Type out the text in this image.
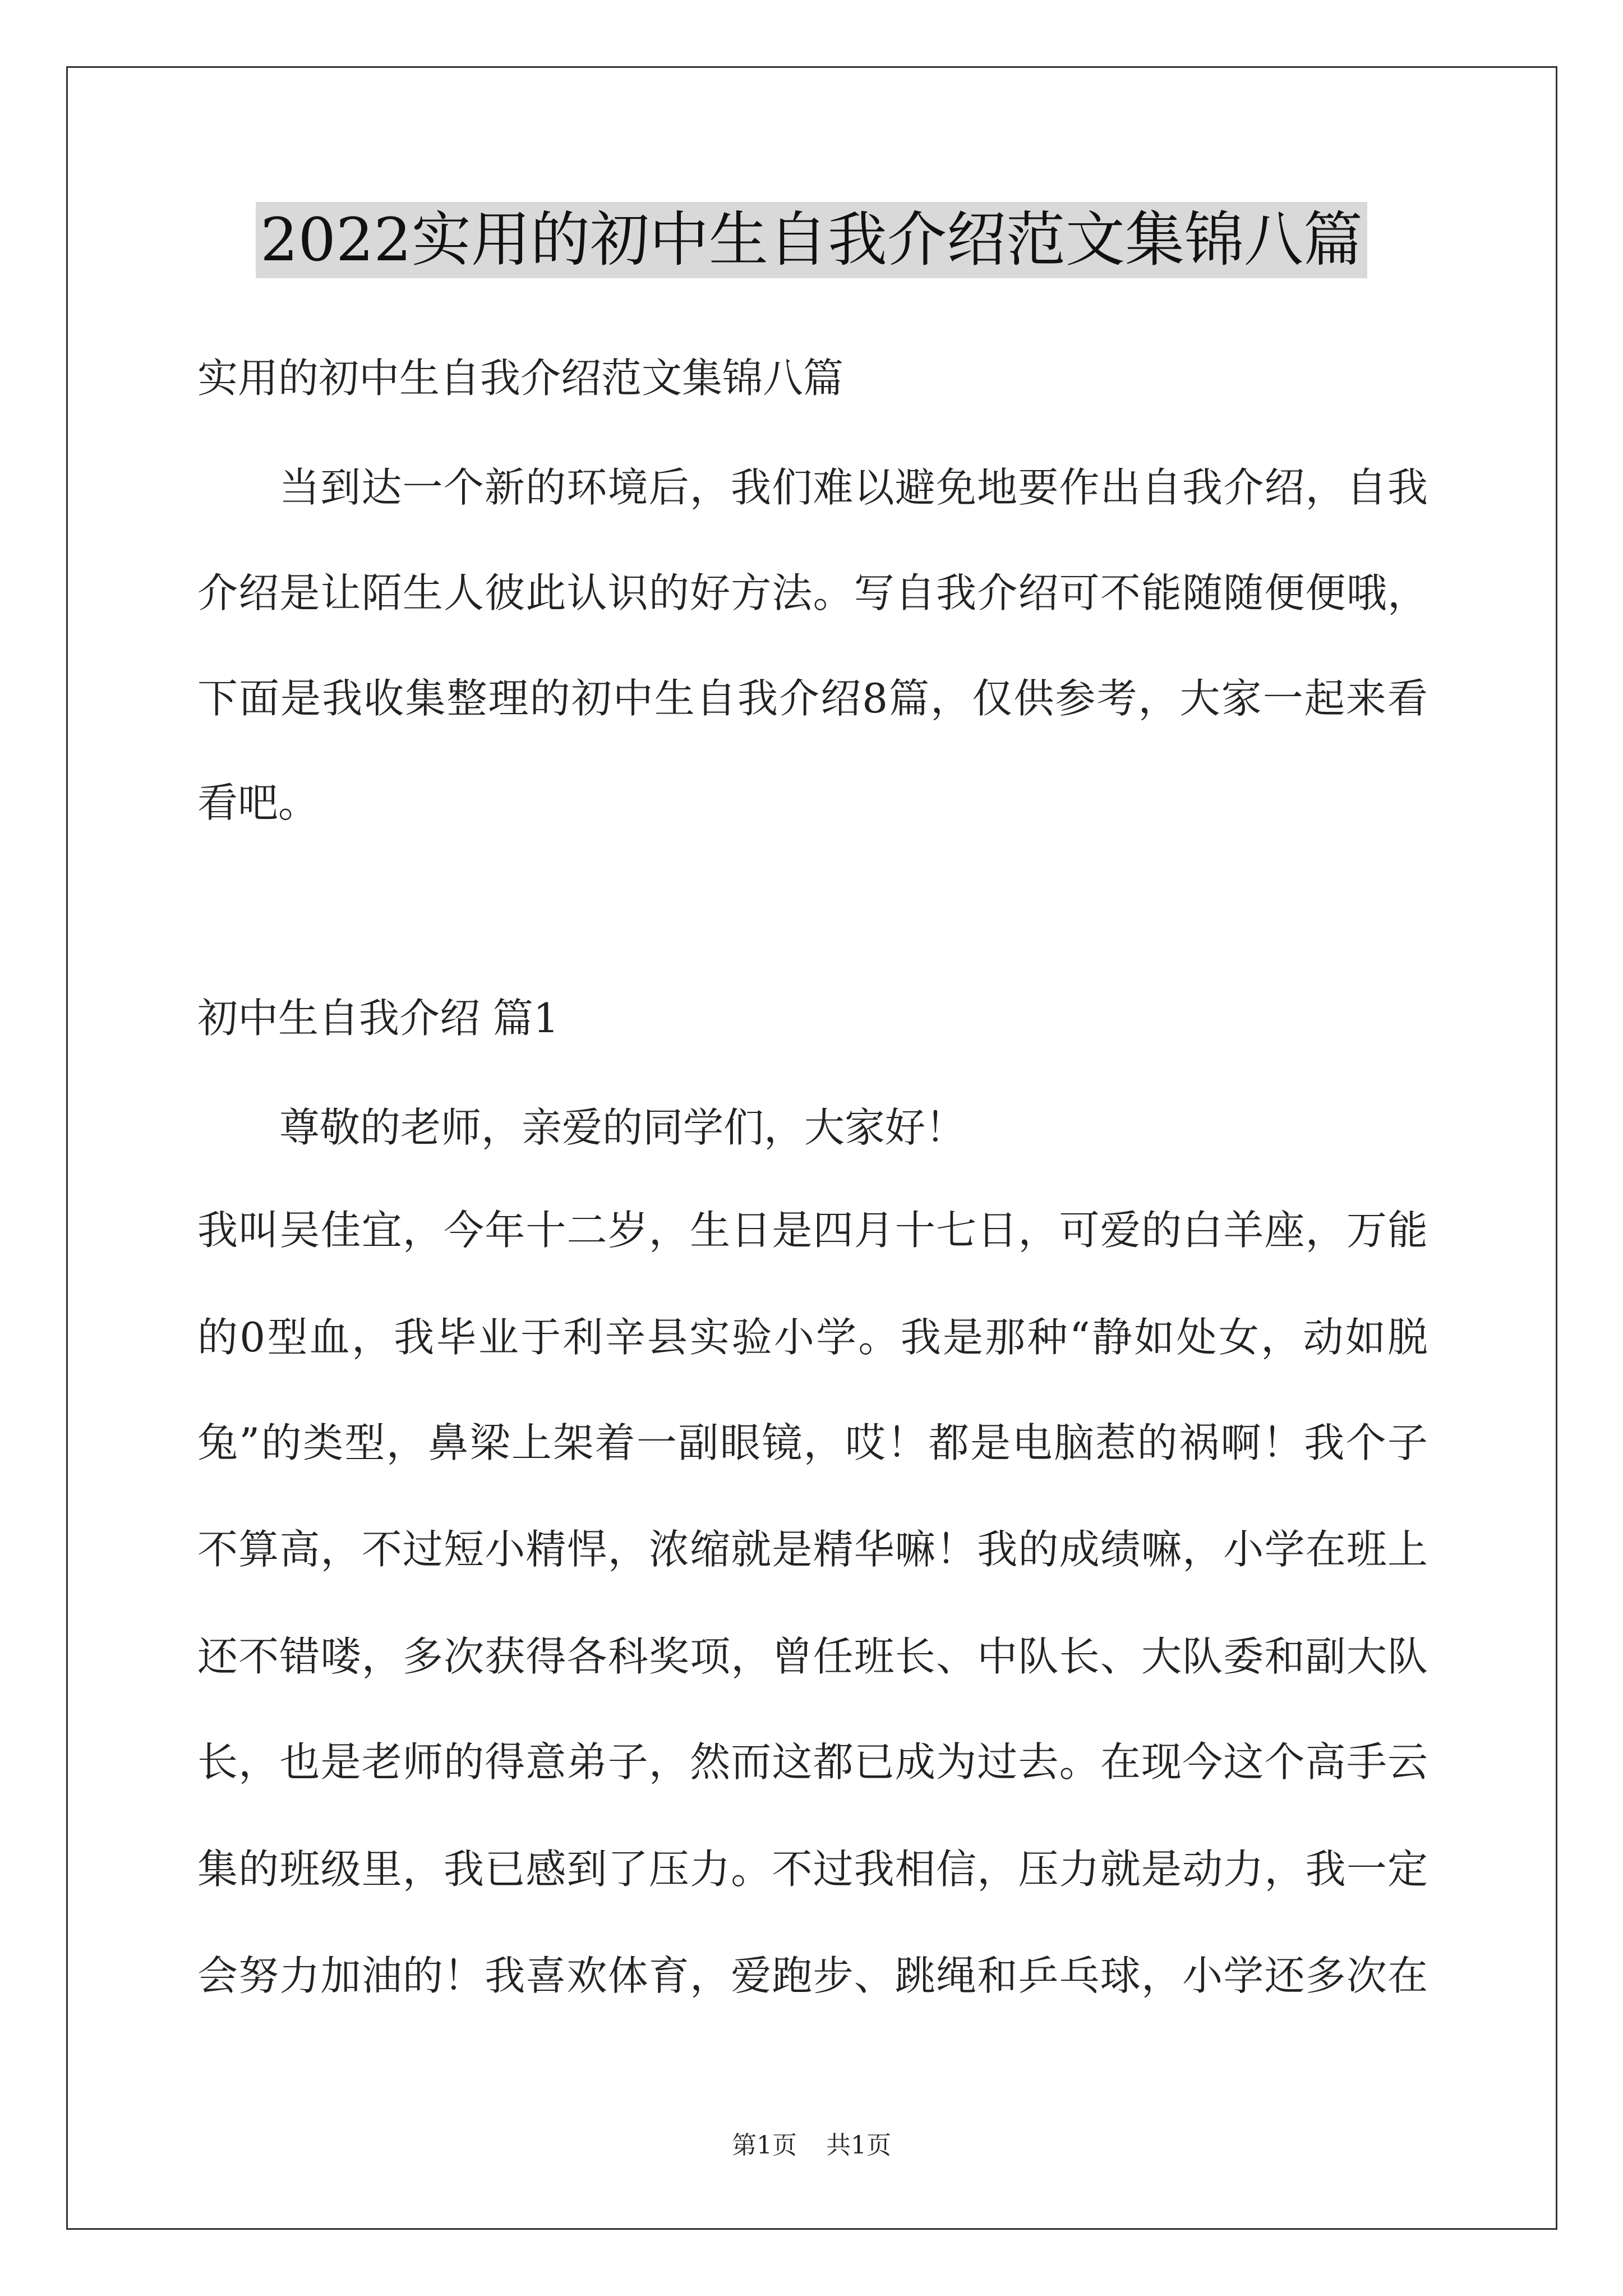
2022实用的初中生自我介绍范文集锦八篇
实用的初中生自我介绍范文集锦八篇
当到达一个新的环境后，我们难以避免地要作出自我介绍，自我
介绍是让陌生人彼此认识的好方法。写自我介绍可不能随随便便哦，
下面是我收集整理的初中生自我介绍8篇，仅供参考，大家一起来看
看吧。
初中生自我介绍 篇1
尊敬的老师，亲爱的同学们，大家好！
我叫吴佳宜，今年十二岁，生日是四月十七日，可爱的白羊座，万能
的0型血，我毕业于利辛县实验小学。我是那种“静如处女，动如脱
兔”的类型，鼻梁上架着一副眼镜，哎！都是电脑惹的祸啊！我个子
不算高，不过短小精悍，浓缩就是精华嘛！我的成绩嘛，小学在班上
还不错喽，多次获得各科奖项，曾任班长、中队长、大队委和副大队
长，也是老师的得意弟子，然而这都已成为过去。在现今这个高手云
集的班级里，我已感到了压力。不过我相信，压力就是动力，我一定
会努力加油的！我喜欢体育，爱跑步、跳绳和乒乓球，小学还多次在
第1页 共1页
